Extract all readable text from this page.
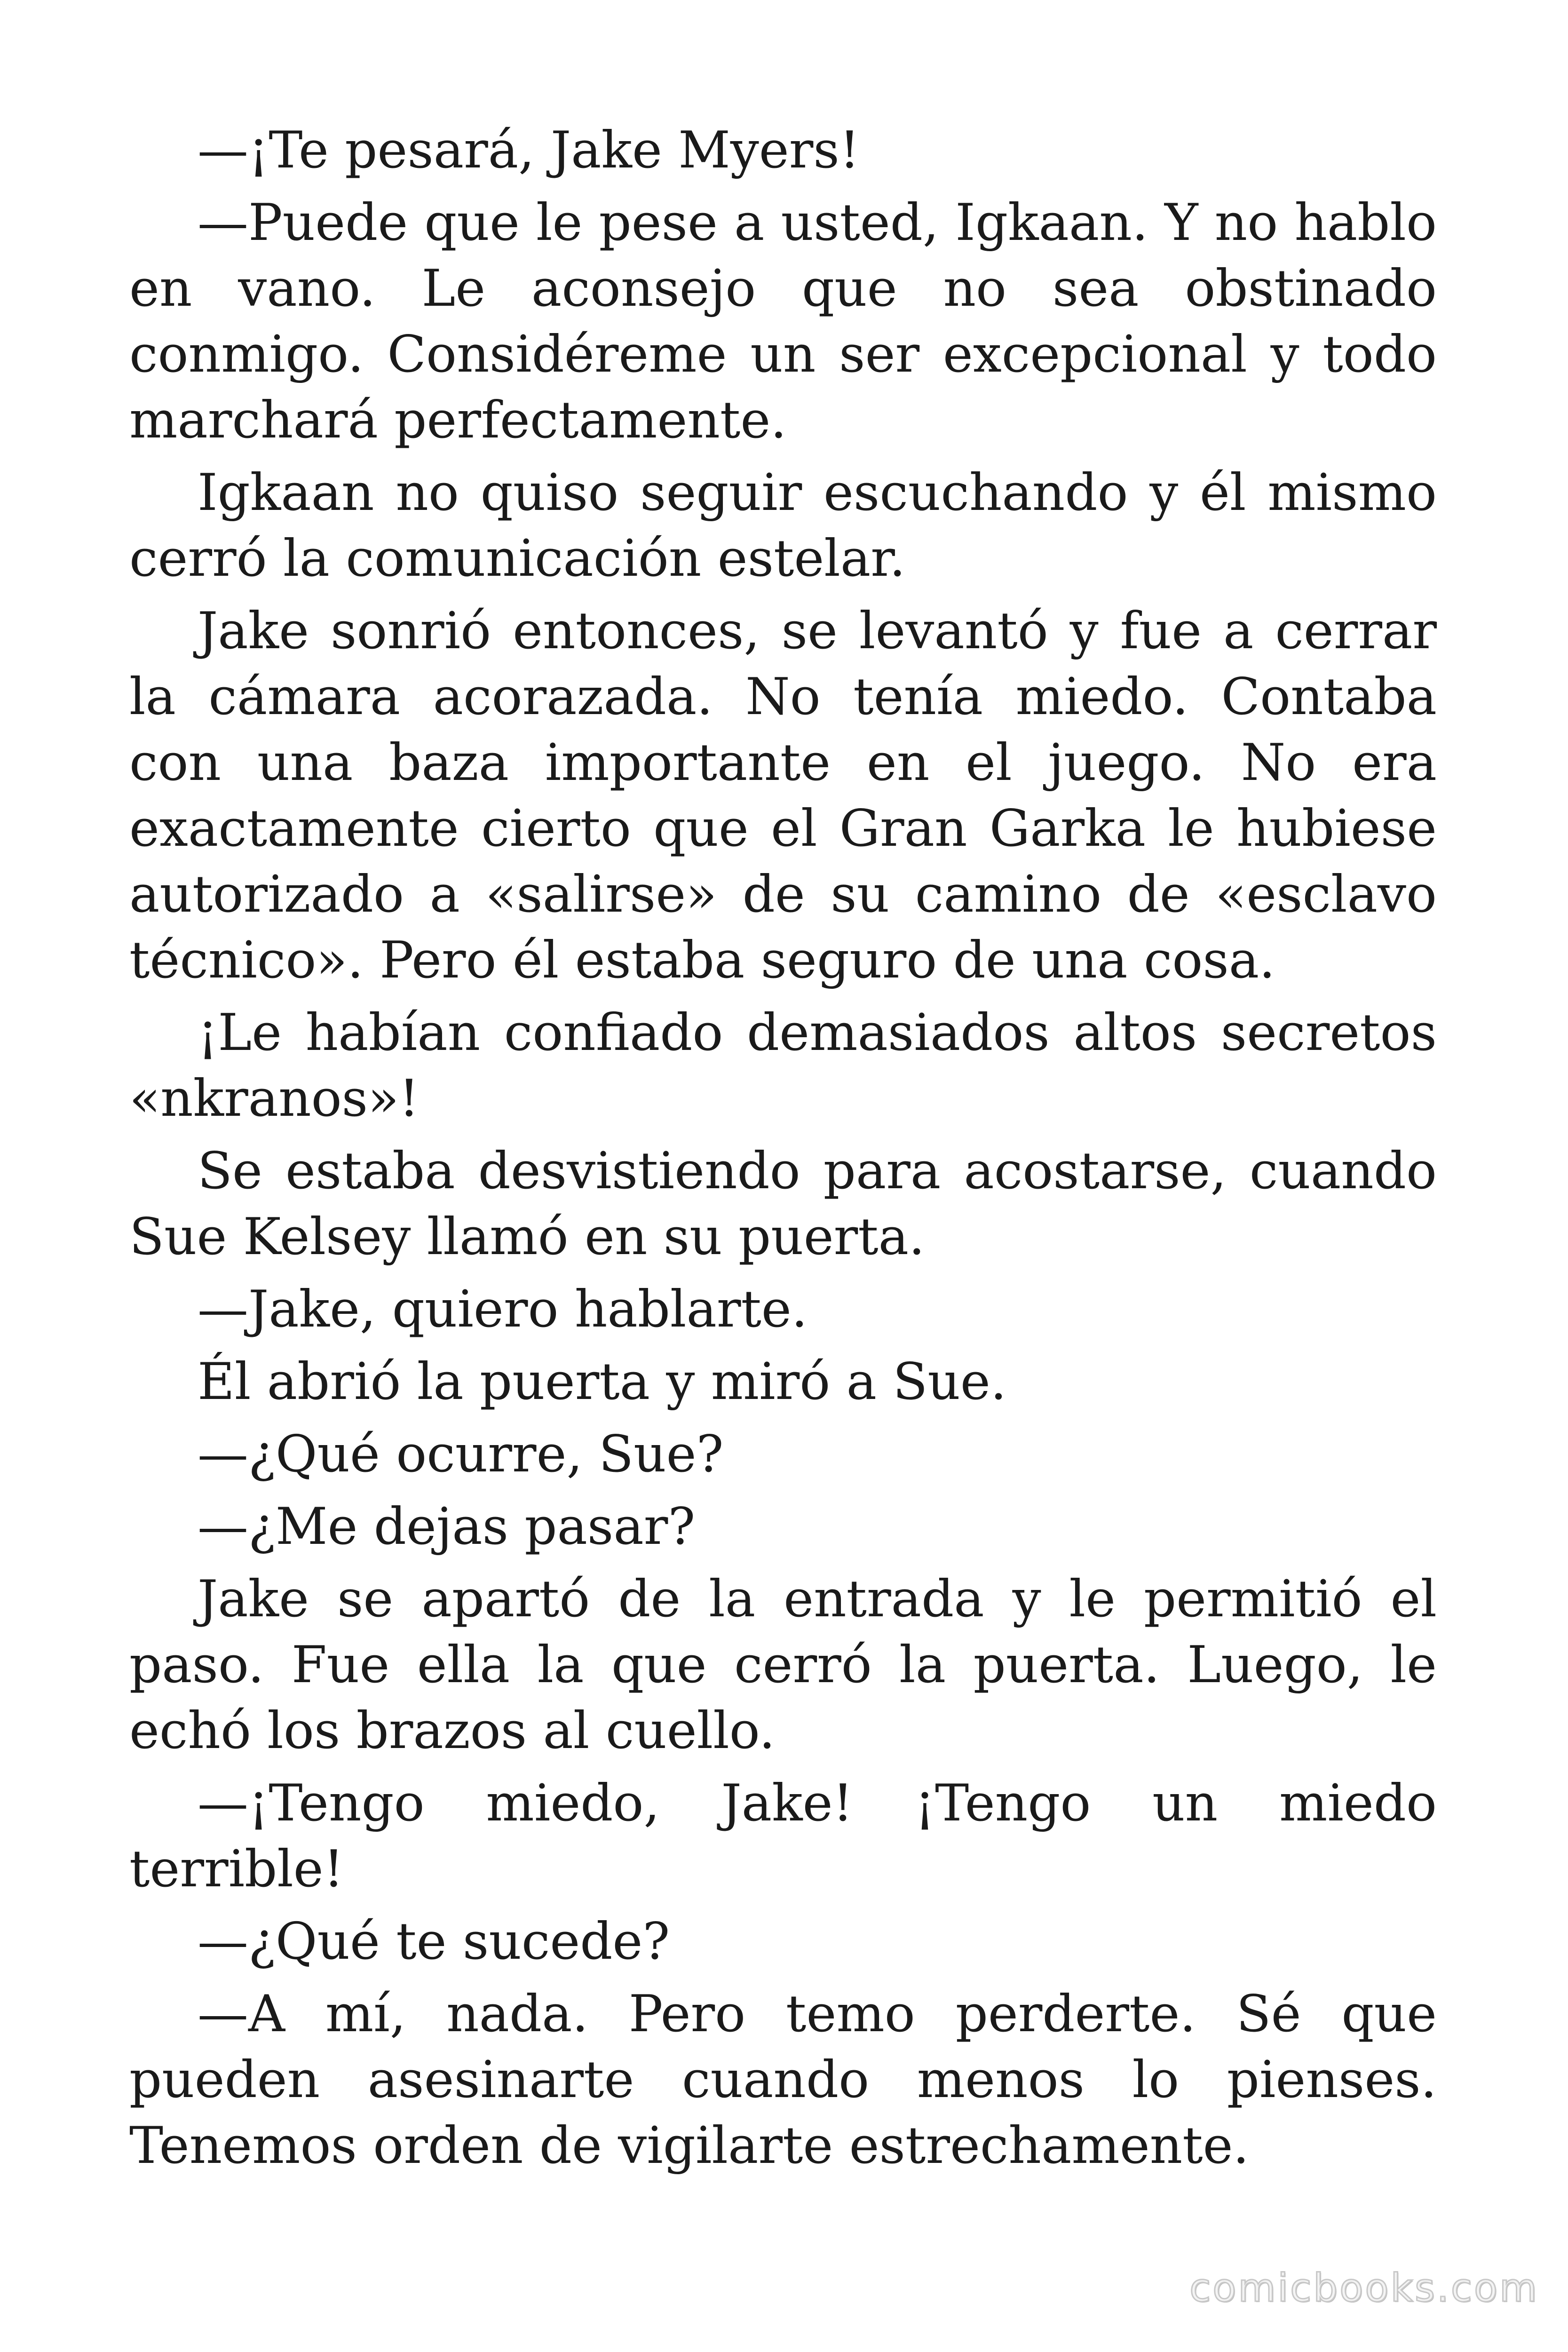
—¡Te pesará, Jake Myers!

—Puede que le pese a usted, Igkaan. Y no hablo en vano. Le aconsejo que no sea obstinado conmigo. Considéreme un ser excepcional y todo marchará perfectamente.

Igkaan no quiso seguir escuchando y él mismo cerró la comunicación estelar.

Jake sonrió entonces, se levantó y fue a cerrar la cámara acorazada. No tenía miedo. Contaba con una baza importante en el juego. No era exactamente cierto que el Gran Garka le hubiese autorizado a «salirse» de su camino de «esclavo técnico». Pero él estaba seguro de una cosa.

¡Le habían confiado demasiados altos secretos «nkranos»!

Se estaba desvistiendo para acostarse, cuando Sue Kelsey llamó en su puerta.

—Jake, quiero hablarte.

Él abrió la puerta y miró a Sue.

—¿Qué ocurre, Sue?

—¿Me dejas pasar?

Jake se apartó de la entrada y le permitió el paso. Fue ella la que cerró la puerta. Luego, le echó los brazos al cuello.

—¡Tengo miedo, Jake! ¡Tengo un miedo terrible!

—¿Qué te sucede?

—A mí, nada. Pero temo perderte. Sé que pueden asesinarte cuando menos lo pienses. Tenemos orden de vigilarte estrechamente.

comicbooks.com
